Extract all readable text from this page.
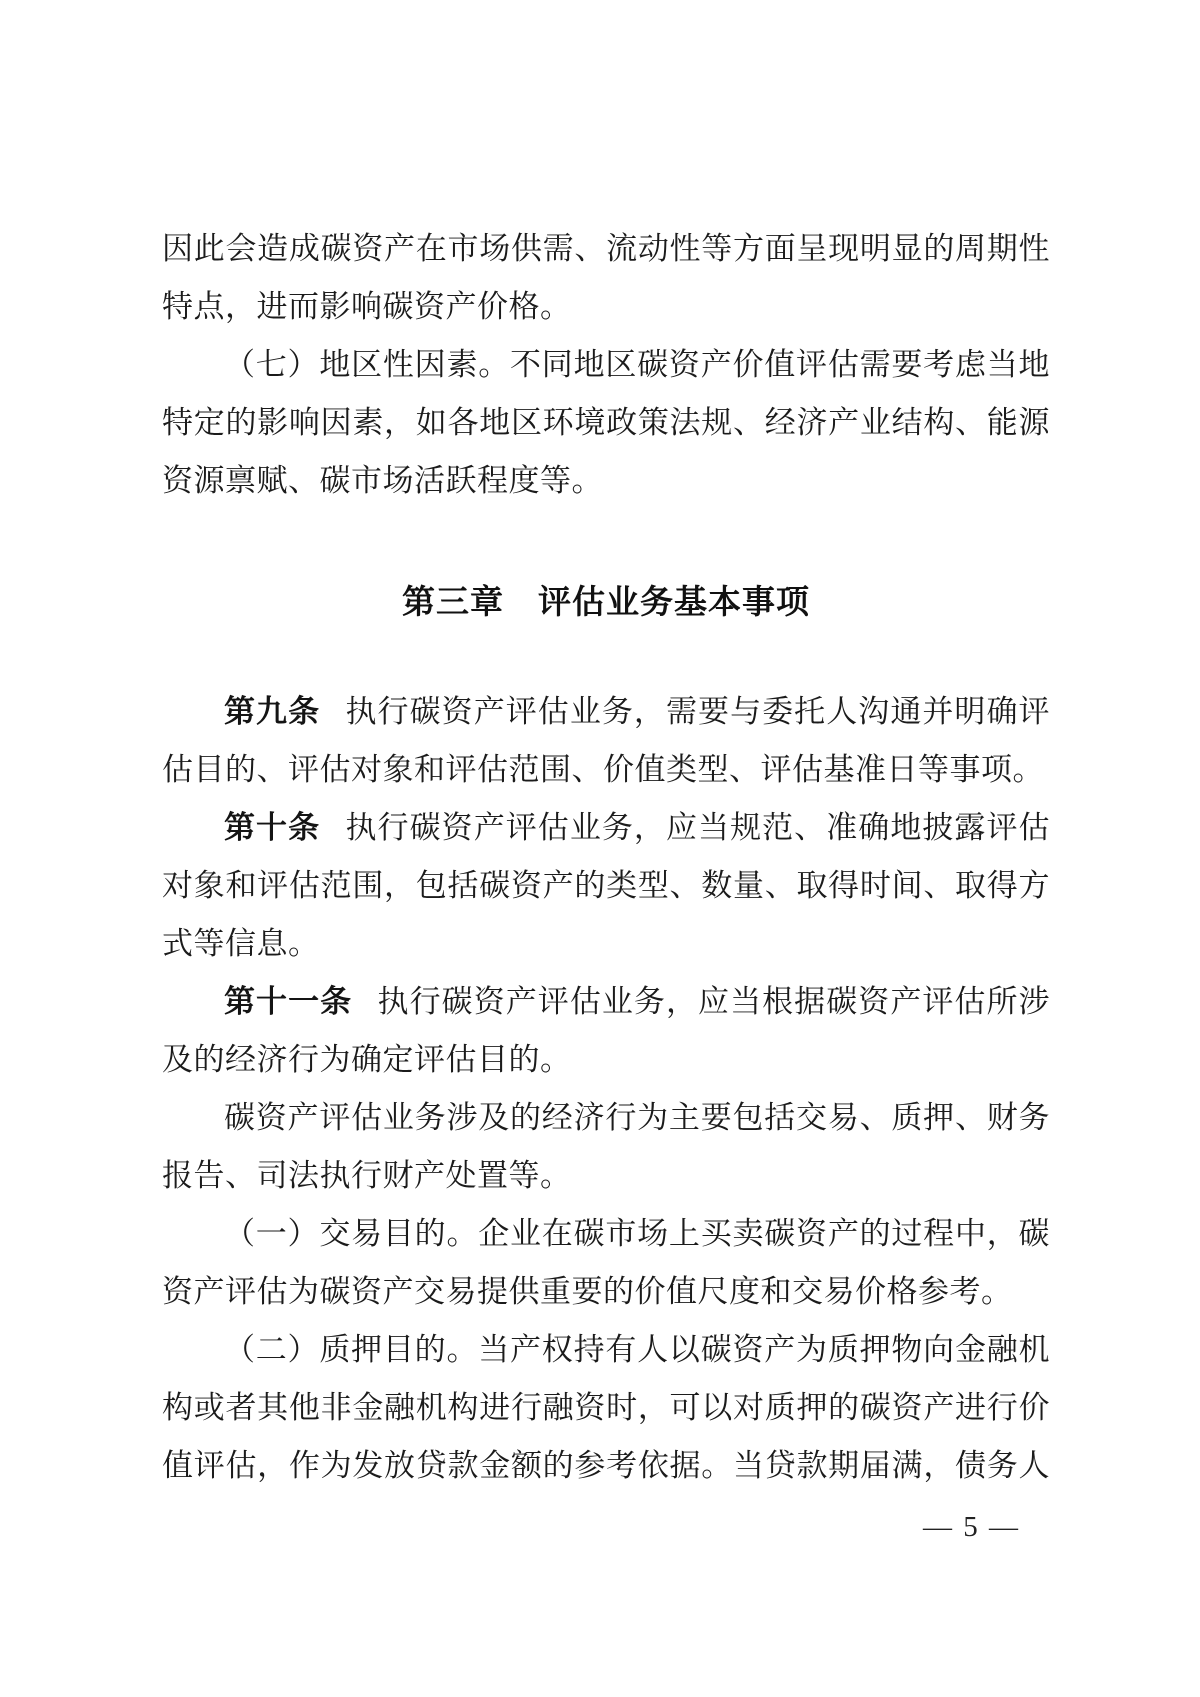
因此会造成碳资产在市场供需、流动性等方面呈现明显的周期性特点，进而影响碳资产价格。

（七）地区性因素。不同地区碳资产价值评估需要考虑当地特定的影响因素，如各地区环境政策法规、经济产业结构、能源资源禀赋、碳市场活跃程度等。

第三章　评估业务基本事项

第九条 执行碳资产评估业务，需要与委托人沟通并明确评估目的、评估对象和评估范围、价值类型、评估基准日等事项。

第十条 执行碳资产评估业务，应当规范、准确地披露评估对象和评估范围，包括碳资产的类型、数量、取得时间、取得方式等信息。

第十一条 执行碳资产评估业务，应当根据碳资产评估所涉及的经济行为确定评估目的。

碳资产评估业务涉及的经济行为主要包括交易、质押、财务报告、司法执行财产处置等。

（一）交易目的。企业在碳市场上买卖碳资产的过程中，碳资产评估为碳资产交易提供重要的价值尺度和交易价格参考。

（二）质押目的。当产权持有人以碳资产为质押物向金融机构或者其他非金融机构进行融资时，可以对质押的碳资产进行价值评估，作为发放贷款金额的参考依据。当贷款期届满，债务人

— 5 —
